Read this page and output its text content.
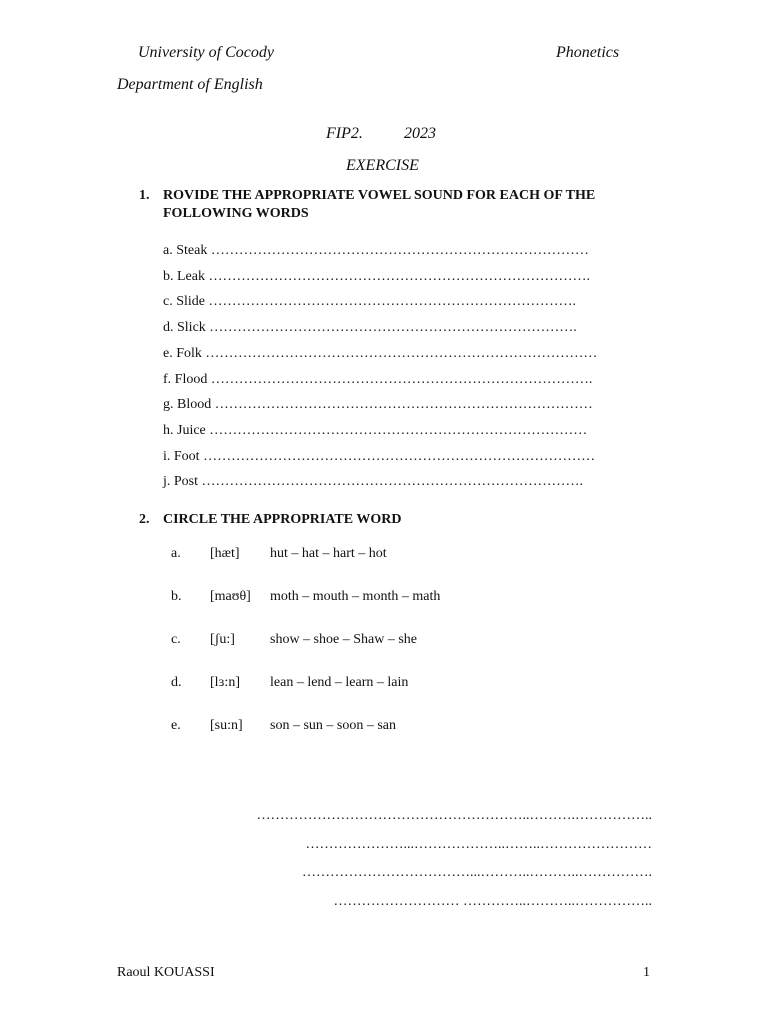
University of Cocody	Phonetics
Department of English
FIP2.	2023
EXERCISE
1. ROVIDE THE APPROPRIATE VOWEL SOUND FOR EACH OF THE
FOLLOWING WORDS
a. Steak ………………………………………………………………………
b. Leak ……………………………………………………………………….
c. Slide …………………………………………………………………….
d. Slick …………………………………………………………………….
e. Folk …………………………………………………………………………
f. Flood ……………………………………………………………………….
g. Blood ………………………………………………………………………
h. Juice ………………………………………………………………………
i. Foot …………………………………………………………………………
j. Post ……………………………………………………………………….
2. CIRCLE THE APPROPRIATE WORD
a. [hæt] hut – hat – hart – hot
b. [maʊθ] moth – mouth – month – math
c. [ʃu:]	show – shoe – Shaw – she
d. [lɜ:n] lean – lend – learn – lain
e. [su:n] son – sun – soon – san
…………………………………………………..……….……………..
…………………...………………..……..……………………
………………………………...………..………..…………….
……………………… …………..………..……………..
Raoul KOUASSI	1
